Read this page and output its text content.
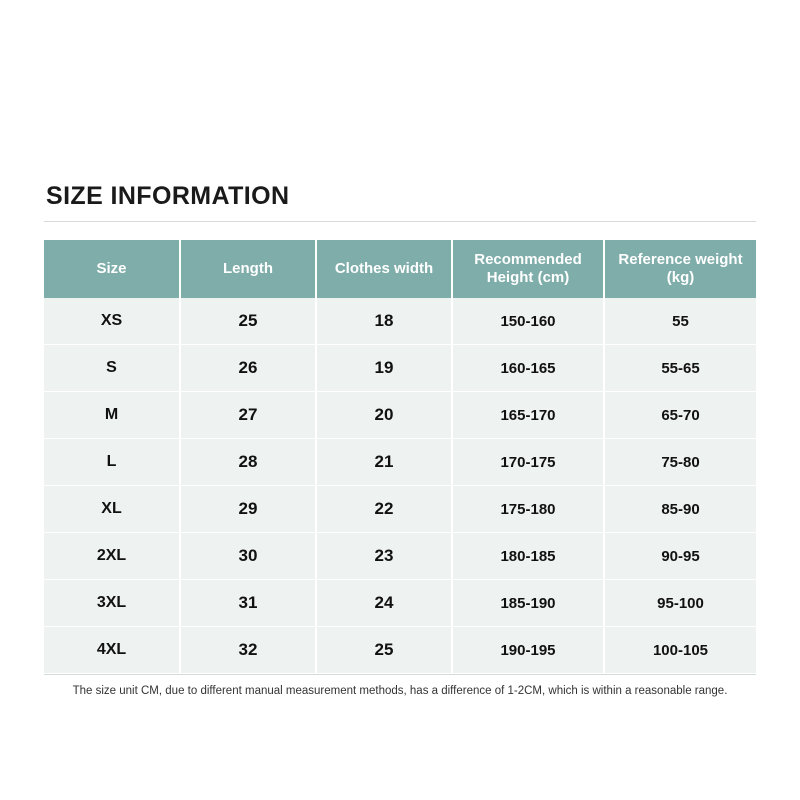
SIZE INFORMATION
Size	Length	Clothes width	Recommended Height (cm)	Reference weight (kg)
XS	25	18	150-160	55
S	26	19	160-165	55-65
M	27	20	165-170	65-70
L	28	21	170-175	75-80
XL	29	22	175-180	85-90
2XL	30	23	180-185	90-95
3XL	31	24	185-190	95-100
4XL	32	25	190-195	100-105
The size unit CM, due to different manual measurement methods, has a difference of 1-2CM, which is within a reasonable range.
